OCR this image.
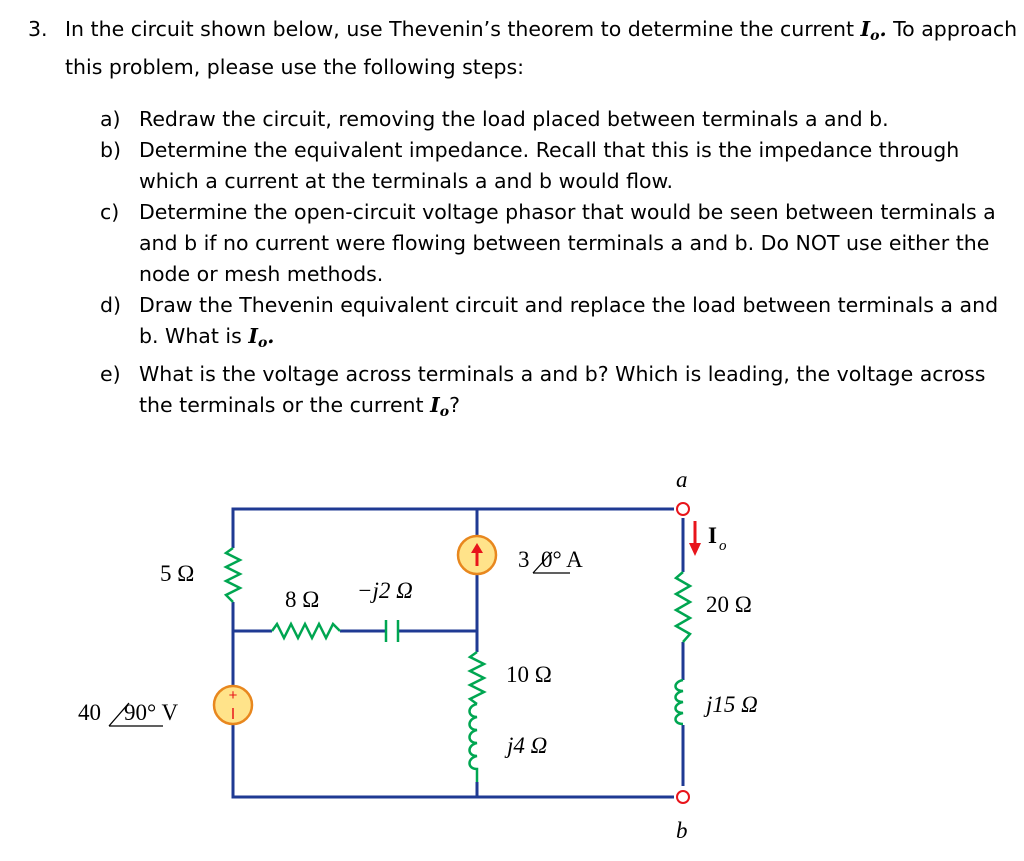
3. In the circuit shown below, use Thevenin’s theorem to determine the current $I_o$. To approach this problem, please use the following steps:
a) Redraw the circuit, removing the load placed between terminals a and b.
b) Determine the equivalent impedance. Recall that this is the impedance through which a current at the terminals a and b would flow.
c) Determine the open-circuit voltage phasor that would be seen between terminals a and b if no current were flowing between terminals a and b. Do NOT use either the node or mesh methods.
d) Draw the Thevenin equivalent circuit and replace the load between terminals a and b. What is $I_o$.
e) What is the voltage across terminals a and b? Which is leading, the voltage across the terminals or the current $I_o$?
+
5 Ω
8 Ω −j2 Ω
3 0° A
10 Ω
j4 Ω
40 90° V
a
b
I o
20 Ω
j15 Ω
